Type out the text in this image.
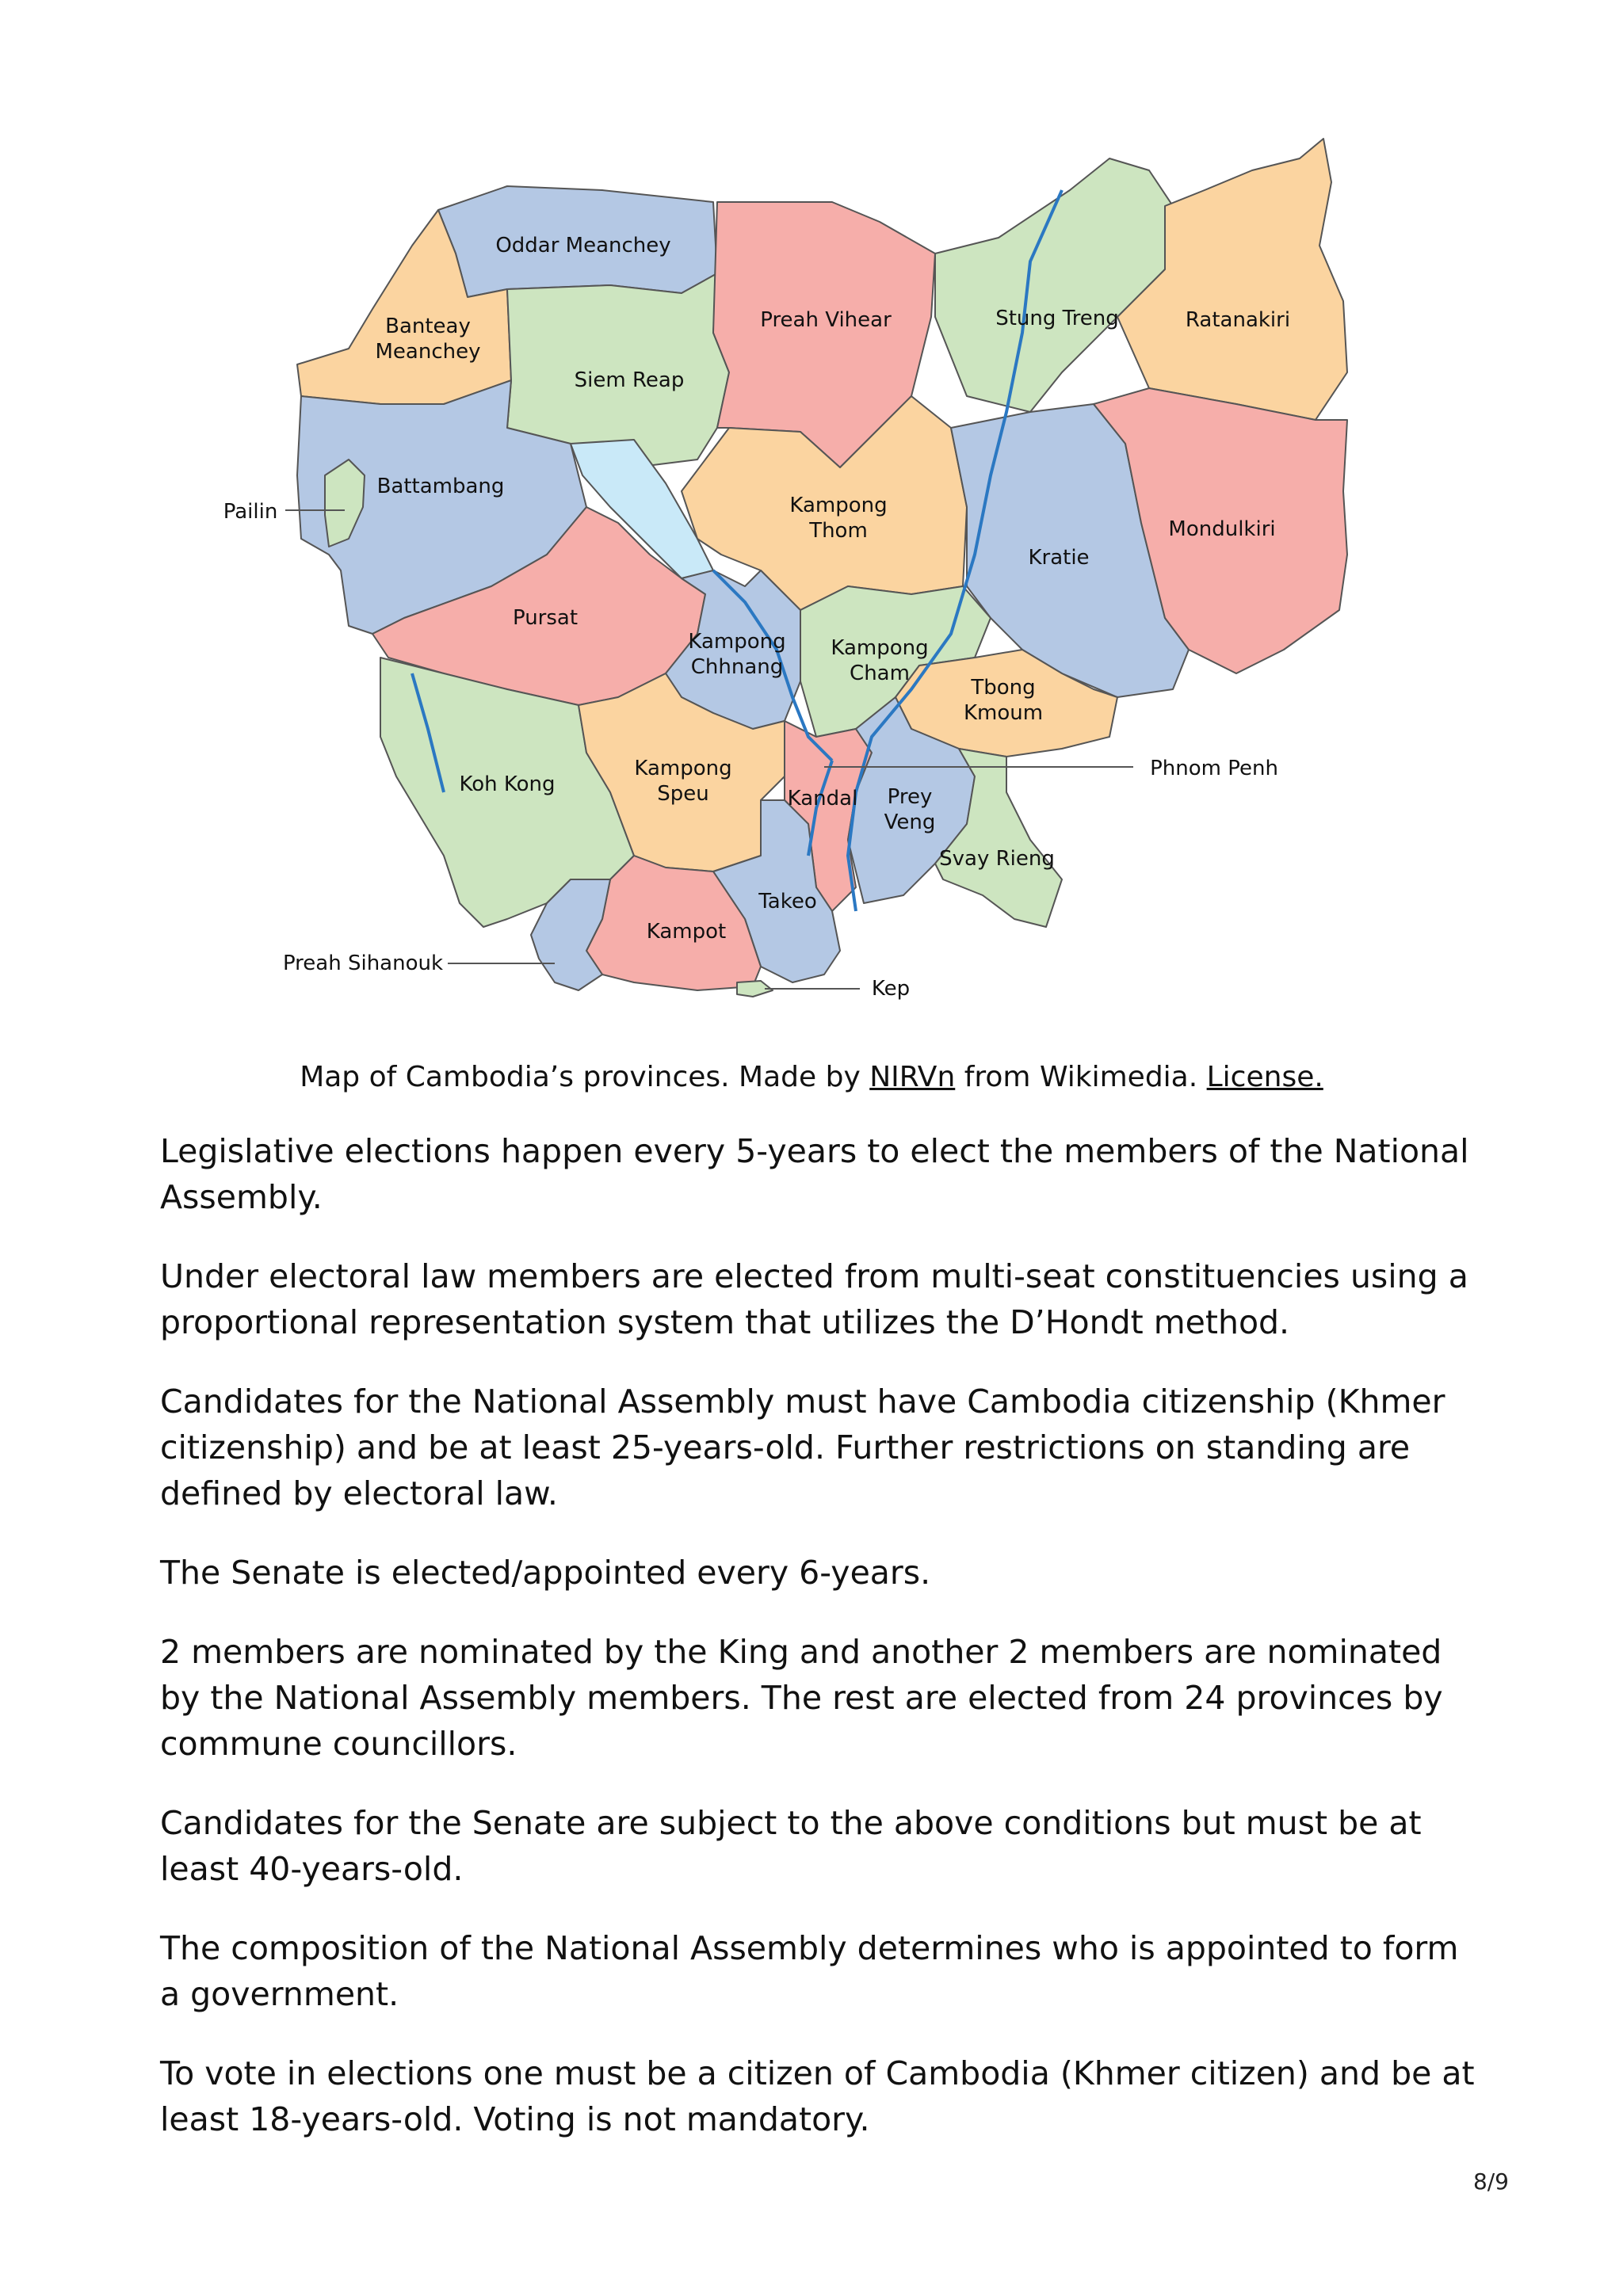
Oddar Meanchey
Banteay
Meanchey
Preah Vihear	Stung Treng	Ratanakiri
Siem Reap
Battambang
Pailin	Kampong
Thom
Kratie
Mondulkiri
Pursat
Kampong
Chhnang
Kampong
Cham
Tbong
Kmoum
Phnom Penh
Koh Kong
Kampong
Speu	Kandal Prey
Veng
Svay Rieng
Takeo
Kampot
Preah Sihanouk
Kep
Map of Cambodia’s provinces. Made by NIRVn from Wikimedia. License.

Legislative elections happen every 5-years to elect the members of the National Assembly.

Under electoral law members are elected from multi-seat constituencies using a proportional representation system that utilizes the D’Hondt method.

Candidates for the National Assembly must have Cambodia citizenship (Khmer citizenship) and be at least 25-years-old. Further restrictions on standing are defined by electoral law.

The Senate is elected/appointed every 6-years.

2 members are nominated by the King and another 2 members are nominated by the National Assembly members. The rest are elected from 24 provinces by commune councillors.

Candidates for the Senate are subject to the above conditions but must be at least 40-years-old.

The composition of the National Assembly determines who is appointed to form a government.

To vote in elections one must be a citizen of Cambodia (Khmer citizen) and be at least 18-years-old. Voting is not mandatory.

8/9
